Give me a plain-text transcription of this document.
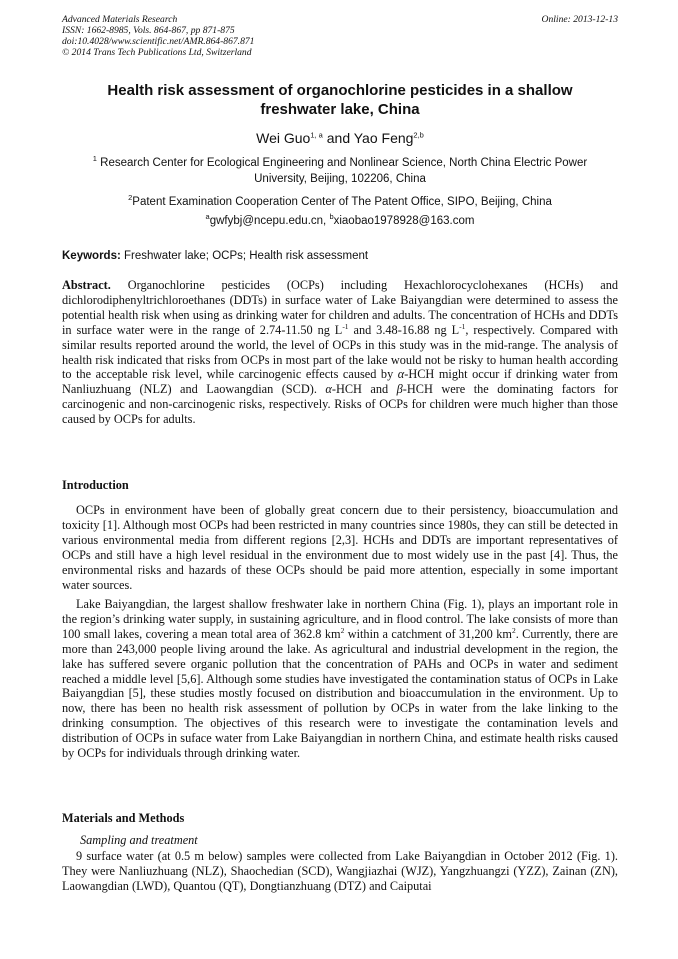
Advanced Materials Research
ISSN: 1662-8985, Vols. 864-867, pp 871-875
doi:10.4028/www.scientific.net/AMR.864-867.871
© 2014 Trans Tech Publications Ltd, Switzerland
Online: 2013-12-13
Health risk assessment of organochlorine pesticides in a shallow freshwater lake, China
Wei Guo$^{1, a}$ and Yao Feng$^{2,b}$
$^1$ Research Center for Ecological Engineering and Nonlinear Science, North China Electric Power University, Beijing, 102206, China
$^2$Patent Examination Cooperation Center of The Patent Office, SIPO, Beijing, China
$^a$gwfybj@ncepu.edu.cn, $^b$xiaobao1978928@163.com
Keywords: Freshwater lake; OCPs; Health risk assessment
Abstract. Organochlorine pesticides (OCPs) including Hexachlorocyclohexanes (HCHs) and dichlorodiphenyltrichloroethanes (DDTs) in surface water of Lake Baiyangdian were determined to assess the potential health risk when using as drinking water for children and adults. The concentration of HCHs and DDTs in surface water were in the range of 2.74-11.50 ng $L^{-1}$ and 3.48-16.88 ng $L^{-1}$, respectively. Compared with similar results reported around the world, the level of OCPs in this study was in the mid-range. The analysis of health risk indicated that risks from OCPs in most part of the lake would not be risky to human health according to the acceptable risk level, while carcinogenic effects caused by α-HCH might occur if drinking water from Nanliuzhuang (NLZ) and Laowangdian (SCD). α-HCH and β-HCH were the dominating factors for carcinogenic and non-carcinogenic risks, respectively. Risks of OCPs for children were much higher than those caused by OCPs for adults.
Introduction
OCPs in environment have been of globally great concern due to their persistency, bioaccumulation and toxicity [1]. Although most OCPs had been restricted in many countries since 1980s, they can still be detected in various environmental media from different regions [2,3]. HCHs and DDTs are important representatives of OCPs and still have a high level residual in the environment due to most widely use in the past [4]. Thus, the environmental risks and hazards of these OCPs should be paid more attention, especially in some important water sources.
Lake Baiyangdian, the largest shallow freshwater lake in northern China (Fig. 1), plays an important role in the region’s drinking water supply, in sustaining agriculture, and in flood control. The lake consists of more than 100 small lakes, covering a mean total area of 362.8 $km^2$ within a catchment of 31,200 $km^2$. Currently, there are more than 243,000 people living around the lake. As agricultural and industrial development in the region, the lake has suffered severe organic pollution that the concentration of PAHs and OCPs in water and sediment reached a middle level [5,6]. Although some studies have investigated the contamination status of OCPs in Lake Baiyangdian [5], these studies mostly focused on distribution and bioaccumulation in the environment. Up to now, there has been no health risk assessment of pollution by OCPs in water from the lake linking to the drinking consumption. The objectives of this research were to investigate the contamination levels and distribution of OCPs in suface water from Lake Baiyangdian in northern China, and estimate health risks caused by OCPs for individuals through drinking water.
Materials and Methods
Sampling and treatment
9 surface water (at 0.5 m below) samples were collected from Lake Baiyangdian in October 2012 (Fig. 1). They were Nanliuzhuang (NLZ), Shaochedian (SCD), Wangjiazhai (WJZ), Yangzhuangzi (YZZ), Zainan (ZN), Laowangdian (LWD), Quantou (QT), Dongtianzhuang (DTZ) and Caiputai
